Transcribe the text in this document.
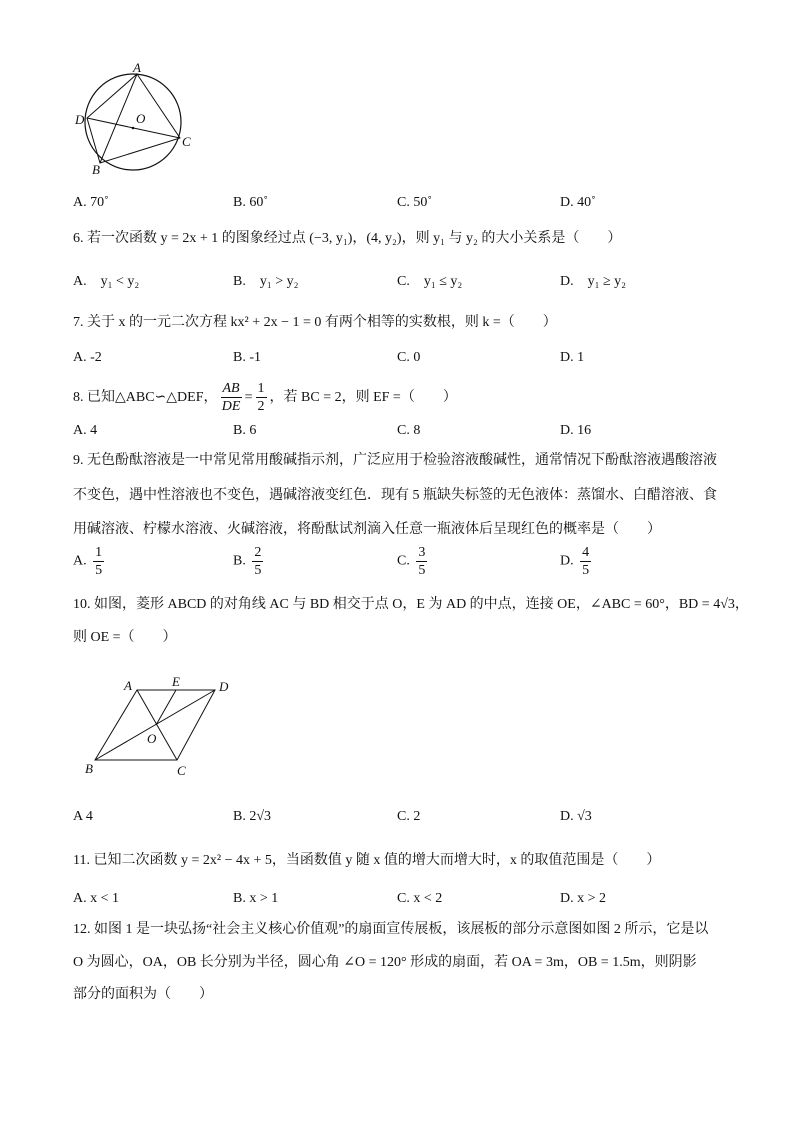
A
D
C
B
O
A. 70˚	B. 60˚	C. 50˚	D. 40˚
6. 若一次函数 y = 2x + 1 的图象经过点 (−3, y₁)，(4, y₂)，则 y₁ 与 y₂ 的大小关系是（　　）
A.　y₁ < y₂	B.　y₁ > y₂	C.　y₁ ≤ y₂	D.　y₁ ≥ y₂
7. 关于 x 的一元二次方程 kx² + 2x − 1 = 0 有两个相等的实数根，则 k =（　　）
A. -2	B. -1	C. 0	D. 1
8. 已知△ABC∽△DEF， $\frac{AB}{DE} = \frac{1}{2}$ ，若 BC = 2，则 EF =（　　）
A. 4	B. 6	C. 8	D. 16
9. 无色酚酞溶液是一中常见常用酸碱指示剂，广泛应用于检验溶液酸碱性，通常情况下酚酞溶液遇酸溶液
不变色，遇中性溶液也不变色，遇碱溶液变红色．现有 5 瓶缺失标签的无色液体：蒸馏水、白醋溶液、食
用碱溶液、柠檬水溶液、火碱溶液，将酚酞试剂滴入任意一瓶液体后呈现红色的概率是（　　）
A. $\frac{1}{5}$	B. $\frac{2}{5}$	C. $\frac{3}{5}$	D. $\frac{4}{5}$
10. 如图，菱形 ABCD 的对角线 AC 与 BD 相交于点 O，E 为 AD 的中点，连接 OE，∠ABC = 60°，BD = 4√3，
则 OE =（　　）
A	E	D
O
B	C
A 4	B. 2√3	C. 2	D. √3
11. 已知二次函数 y = 2x² − 4x + 5，当函数值 y 随 x 值的增大而增大时，x 的取值范围是（　　）
A. x < 1	B. x > 1	C. x < 2	D. x > 2
12. 如图 1 是一块弘扬“社会主义核心价值观”的扇面宣传展板，该展板的部分示意图如图 2 所示，它是以
O 为圆心，OA，OB 长分别为半径，圆心角 ∠O = 120° 形成的扇面，若 OA = 3m，OB = 1.5m，则阴影
部分的面积为（　　）
